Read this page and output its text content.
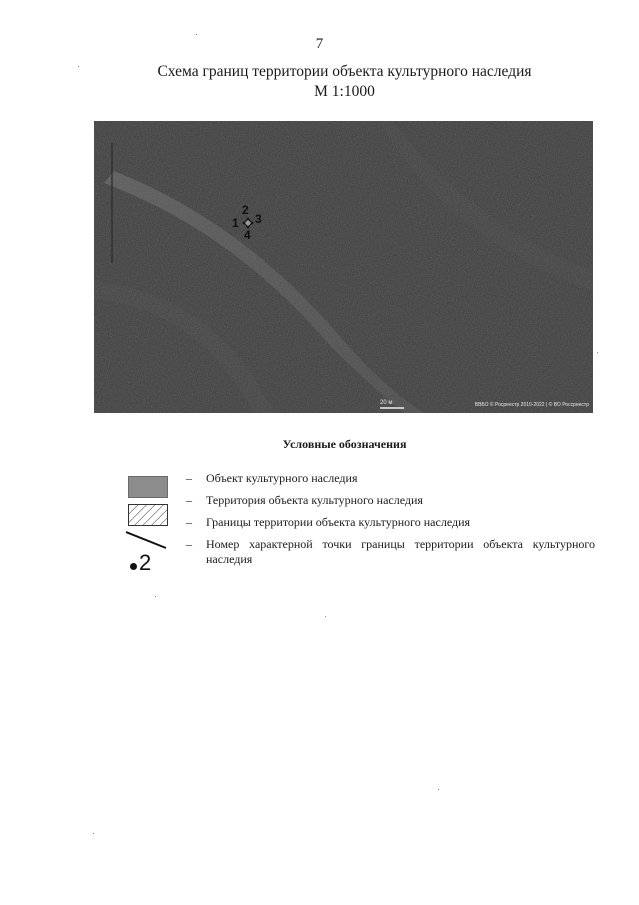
7
Схема границ территории объекта культурного наследия
М 1:1000
1
2
3
4
20 м	ВВБО © Росреестр 2010-2022 | © ВО Россреестр
Условные обозначения
2
– Объект культурного наследия
– Территория объекта культурного наследия
– Границы территории объекта культурного наследия
– Номер характерной точки границы территории объекта культурного наследия
